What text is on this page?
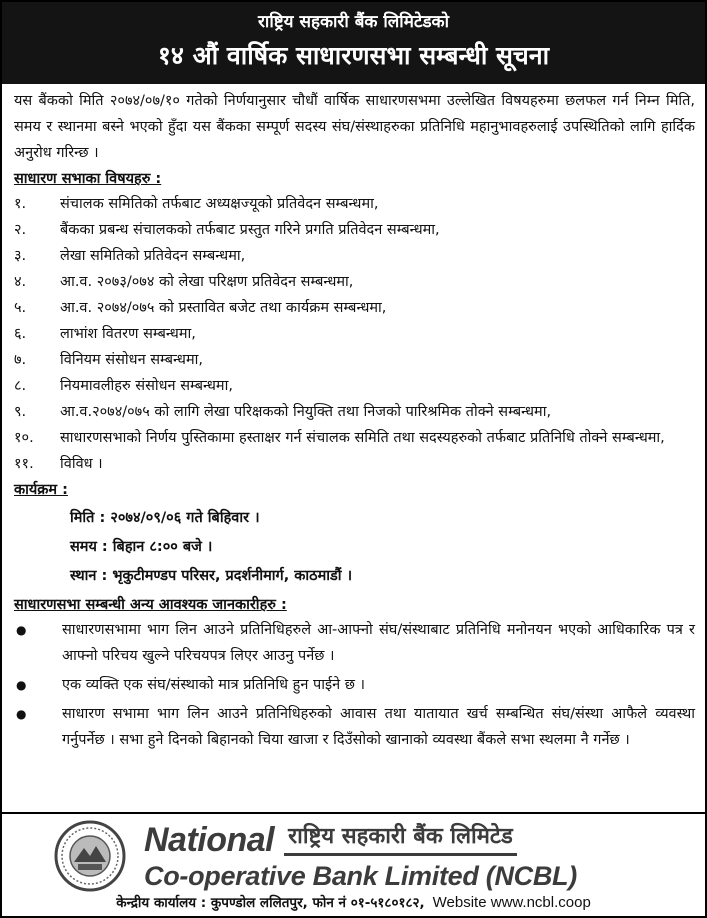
राष्ट्रिय सहकारी बैंक लिमिटेडको
१४ औं वार्षिक साधारणसभा सम्बन्धी सूचना

यस बैंकको मिति २०७४/०७/१० गतेको निर्णयानुसार चौधौं वार्षिक साधारणसभमा उल्लेखित विषयहरुमा छलफल गर्न निम्न मिति, समय र स्थानमा बस्ने भएको हुँदा यस बैंकका सम्पूर्ण सदस्य संघ/संस्थाहरुका प्रतिनिधि महानुभावहरुलाई उपस्थितिको लागि हार्दिक अनुरोध गरिन्छ ।

साधारण सभाका विषयहरु :
१.	संचालक समितिको तर्फबाट अध्यक्षज्यूको प्रतिवेदन सम्बन्धमा,
२.	बैंकका प्रबन्ध संचालकको तर्फबाट प्रस्तुत गरिने प्रगति प्रतिवेदन सम्बन्धमा,
३.	लेखा समितिको प्रतिवेदन सम्बन्धमा,
४.	आ.व. २०७३/०७४ को लेखा परिक्षण प्रतिवेदन सम्बन्धमा,
५.	आ.व. २०७४/०७५ को प्रस्तावित बजेट तथा कार्यक्रम सम्बन्धमा,
६.	लाभांश वितरण सम्बन्धमा,
७.	विनियम संसोधन सम्बन्धमा,
८.	नियमावलीहरु संसोधन सम्बन्धमा,
९.	आ.व.२०७४/०७५ को लागि लेखा परिक्षकको नियुक्ति तथा निजको पारिश्रमिक तोक्ने सम्बन्धमा,
१०.	साधारणसभाको निर्णय पुस्तिकामा हस्ताक्षर गर्न संचालक समिति तथा सदस्यहरुको तर्फबाट प्रतिनिधि तोक्ने सम्बन्धमा,
११.	विविध ।
कार्यक्रम :
मिति : २०७४/०९/०६ गते बिहिवार ।
समय : बिहान ८:०० बजे ।
स्थान : भृकुटीमण्डप परिसर, प्रदर्शनीमार्ग, काठमाडौं ।
साधारणसभा सम्बन्धी अन्य आवश्यक जानकारीहरु :
●	साधारणसभामा भाग लिन आउने प्रतिनिधिहरुले आ-आफ्नो संघ/संस्थाबाट प्रतिनिधि मनोनयन भएको आधिकारिक पत्र र आफ्नो परिचय खुल्ने परिचयपत्र लिएर आउनु पर्नेछ ।
●	एक व्यक्ति एक संघ/संस्थाको मात्र प्रतिनिधि हुन पाईने छ ।
●	साधारण सभामा भाग लिन आउने प्रतिनिधिहरुको आवास तथा यातायात खर्च सम्बन्धित संघ/संस्था आफैले व्यवस्था गर्नुपर्नेछ । सभा हुने दिनको बिहानको चिया खाजा र दिउँसोको खानाको व्यवस्था बैंकले सभा स्थलमा नै गर्नेछ ।
National राष्ट्रिय सहकारी बैंक लिमिटेड
Co-operative Bank Limited (NCBL)
केन्द्रीय कार्यालय : कुपण्डोल ललितपुर, फोन नं ०१-५१८०१८२, Website www.ncbl.coop
